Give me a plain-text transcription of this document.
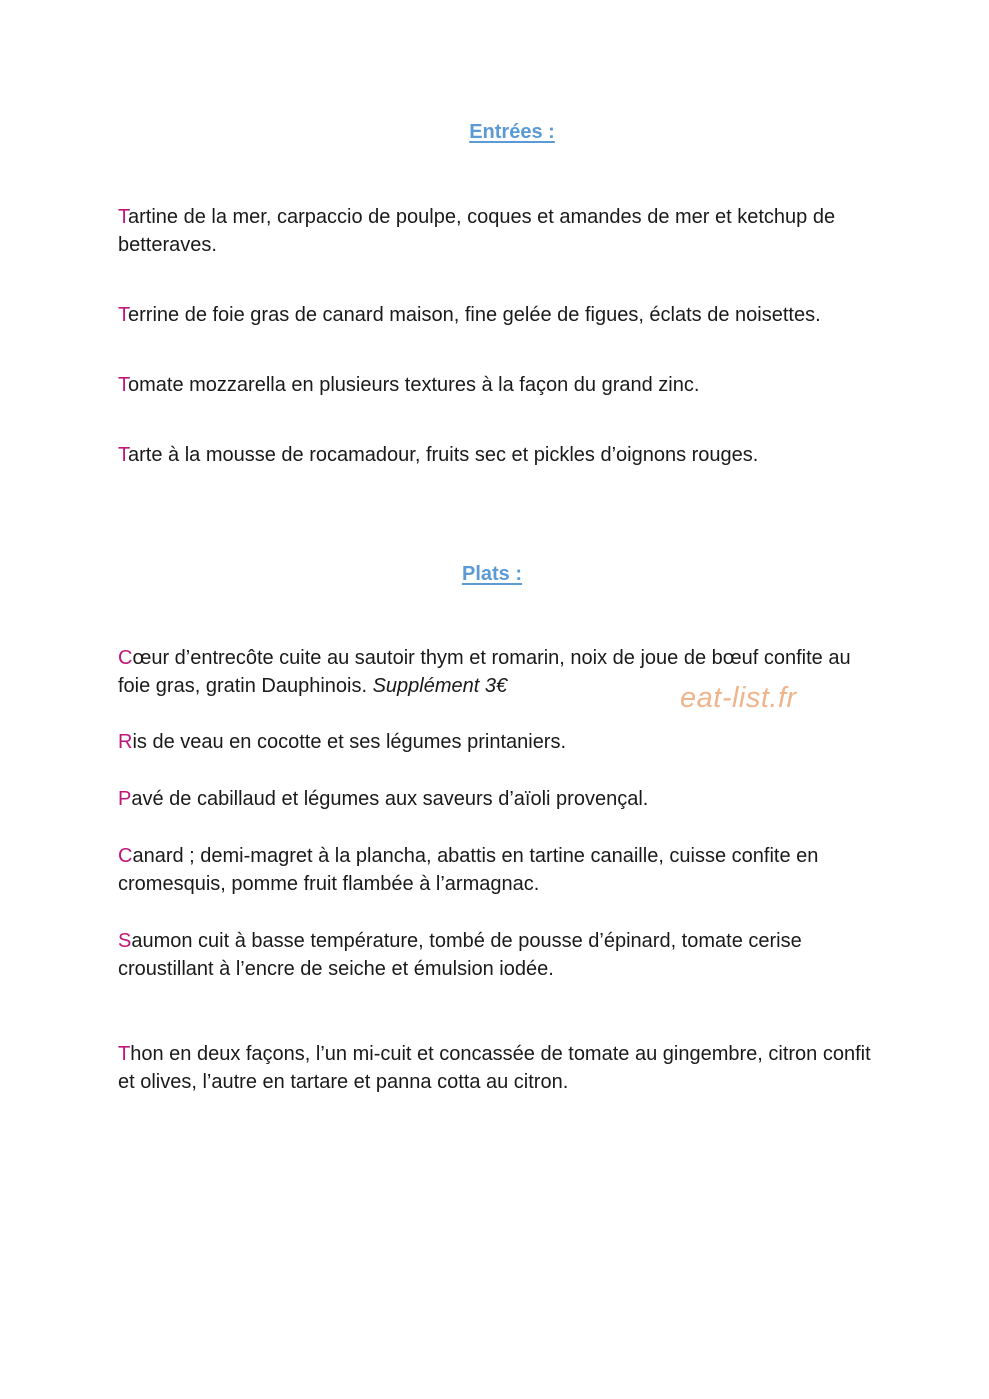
Entrées :
Tartine de la mer, carpaccio de poulpe, coques et amandes de mer et ketchup de betteraves.
Terrine de foie gras de canard maison, fine gelée de figues, éclats de noisettes.
Tomate mozzarella en plusieurs textures à la façon du grand zinc.
Tarte à la mousse de rocamadour, fruits sec et pickles d’oignons rouges.
Plats :
Cœur d’entrecôte cuite au sautoir thym et romarin, noix de joue de bœuf confite au foie gras, gratin Dauphinois. Supplément 3€	eat-list.fr
Ris de veau en cocotte et ses légumes printaniers.
Pavé de cabillaud et légumes aux saveurs d’aïoli provençal.
Canard ; demi-magret à la plancha, abattis en tartine canaille, cuisse confite en cromesquis, pomme fruit flambée à l’armagnac.
Saumon cuit à basse température, tombé de pousse d’épinard, tomate cerise croustillant à l’encre de seiche et émulsion iodée.
Thon en deux façons, l’un mi-cuit et concassée de tomate au gingembre, citron confit et olives, l’autre en tartare et panna cotta au citron.
